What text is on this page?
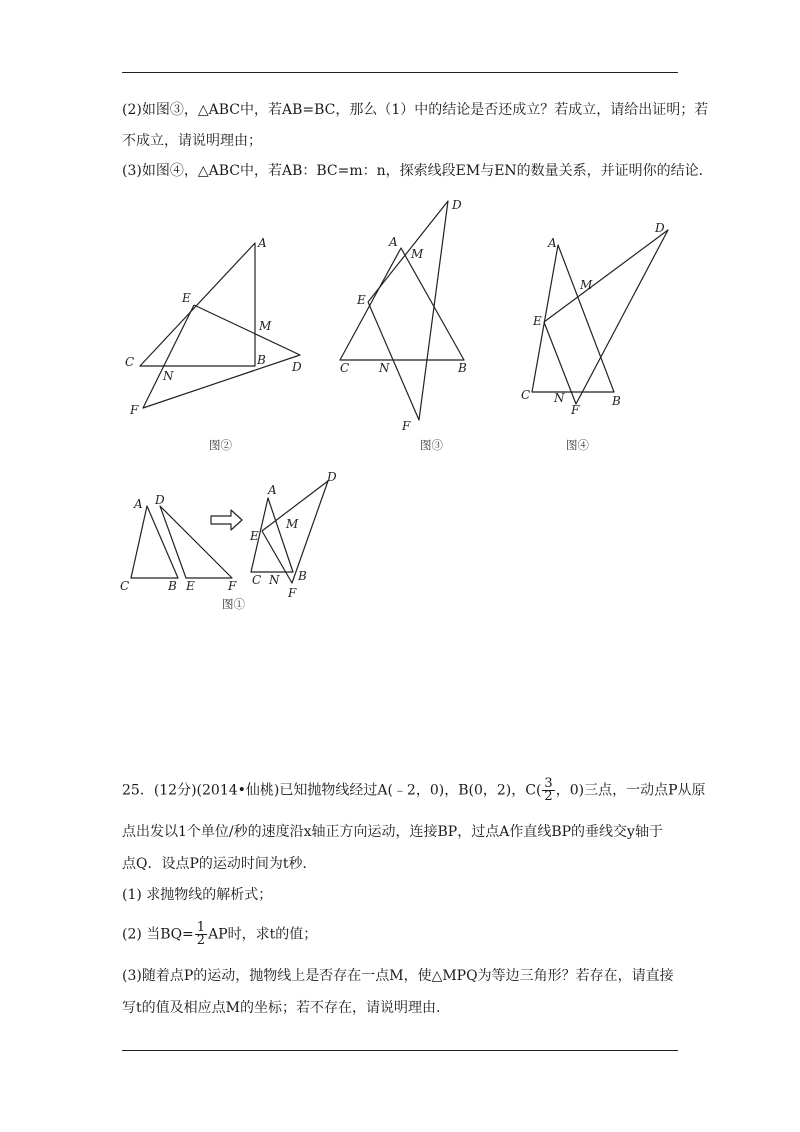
(2)如图③，△ABC中，若AB=BC，那么（1）中的结论是否还成立？若成立，请给出证明；若
不成立，请说明理由；
(3)如图④，△ABC中，若AB：BC=m：n，探索线段EM与EN的数量关系，并证明你的结论．
A
E
M
C
N
B D
F
图②
D
A
M
E
C N	B
F
图③
A
D
M
E
C N
F
B
图④
A D
C	B E	F
A
D
M
E
C N B
F
图①
25．(12分)(2014•仙桃)已知抛物线经过A(﹣2，0)，B(0，2)，$C( \frac{3}{2}$ ，0)三点，一动点P从原
点出发以1个单位/秒的速度沿x轴正方向运动，连接BP，过点A作直线BP的垂线交y轴于
点Q．设点P的运动时间为t秒．
(1) 求抛物线的解析式；
(2) 当$BQ= \frac{1}{2}$ AP时，求t的值；
(3)随着点P的运动，抛物线上是否存在一点M，使△MPQ为等边三角形？若存在，请直接
写t的值及相应点M的坐标；若不存在，请说明理由.
